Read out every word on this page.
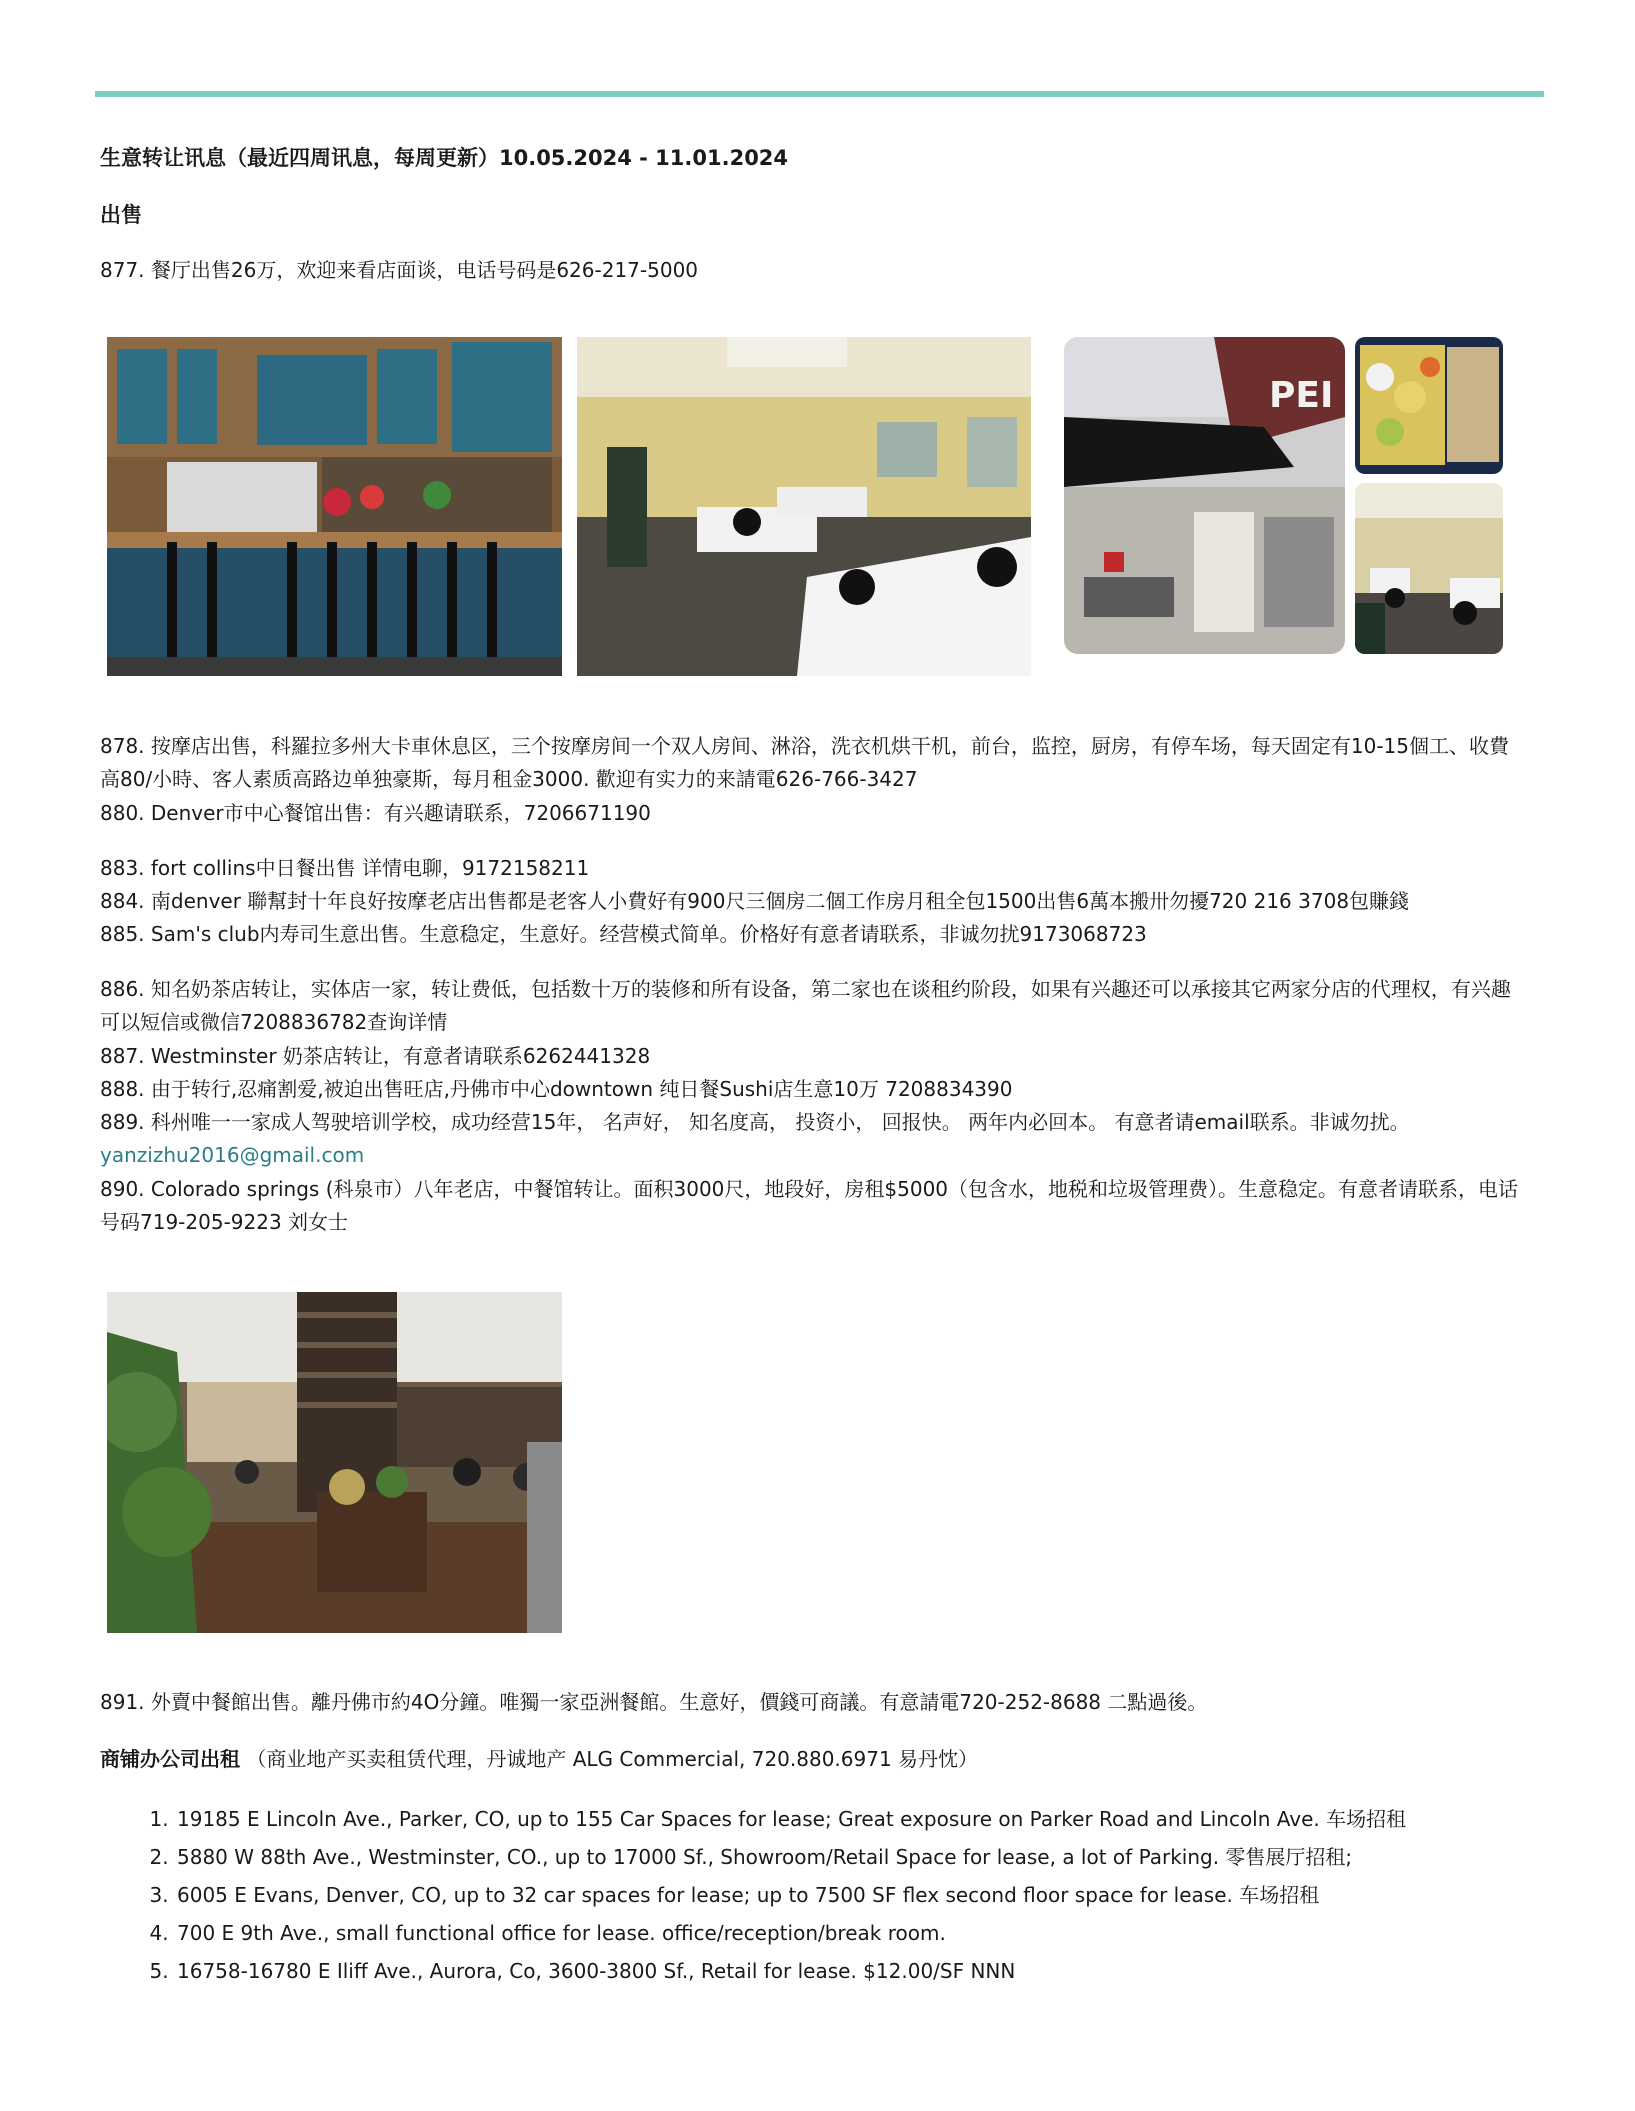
生意转让讯息（最近四周讯息，每周更新）10.05.2024 - 11.01.2024
出售
877. 餐厅出售26万，欢迎来看店面谈，电话号码是626-217-5000
PEI
878. 按摩店出售，科羅拉多州大卡車休息区，三个按摩房间一个双人房间、淋浴，洗衣机烘干机，前台，监控，厨房，有停车场，每天固定有10-15個工、收費高80/小時、客人素质高路边单独豪斯，每月租金3000. 歡迎有实力的来請電626-766-3427
880. Denver市中心餐馆出售：有兴趣请联系，7206671190
883. fort collins中日餐出售 详情电聊，9172158211
884. 南denver 聯幫封十年良好按摩老店出售都是老客人小費好有900尺三個房二個工作房月租全包1500出售6萬本搬卅勿擾720 216 3708包賺錢
885. Sam's club内寿司生意出售。生意稳定，生意好。经营模式简单。价格好有意者请联系，非诚勿扰9173068723
886. 知名奶茶店转让，实体店一家，转让费低，包括数十万的装修和所有设备，第二家也在谈租约阶段，如果有兴趣还可以承接其它两家分店的代理权，有兴趣可以短信或微信7208836782查询详情
887. Westminster 奶茶店转让，有意者请联系6262441328
888. 由于转行,忍痛割爱,被迫出售旺店,丹佛市中心downtown 纯日餐Sushi店生意10万 7208834390
889. 科州唯一一家成人驾驶培训学校，成功经营15年， 名声好， 知名度高， 投资小， 回报快。 两年内必回本。 有意者请email联系。非诚勿扰。 yanzizhu2016@gmail.com
890. Colorado springs (科泉市）八年老店，中餐馆转让。面积3000尺，地段好，房租$5000（包含水，地税和垃圾管理费）。生意稳定。有意者请联系，电话号码719-205-9223 刘女士
891. 外賣中餐館出售。離丹佛市約4O分鐘。唯獨一家亞洲餐館。生意好，價錢可商議。有意請電720-252-8688 二點過後。
商铺办公司出租 （商业地产买卖租赁代理，丹诚地产 ALG Commercial, 720.880.6971 易丹忱）
1. 19185 E Lincoln Ave., Parker, CO, up to 155 Car Spaces for lease; Great exposure on Parker Road and Lincoln Ave. 车场招租
2. 5880 W 88th Ave., Westminster, CO., up to 17000 Sf., Showroom/Retail Space for lease, a lot of Parking. 零售展厅招租;
3. 6005 E Evans, Denver, CO, up to 32 car spaces for lease; up to 7500 SF flex second floor space for lease. 车场招租
4. 700 E 9th Ave., small functional office for lease. office/reception/break room.
5. 16758-16780 E Iliff Ave., Aurora, Co, 3600-3800 Sf., Retail for lease. $12.00/SF NNN
